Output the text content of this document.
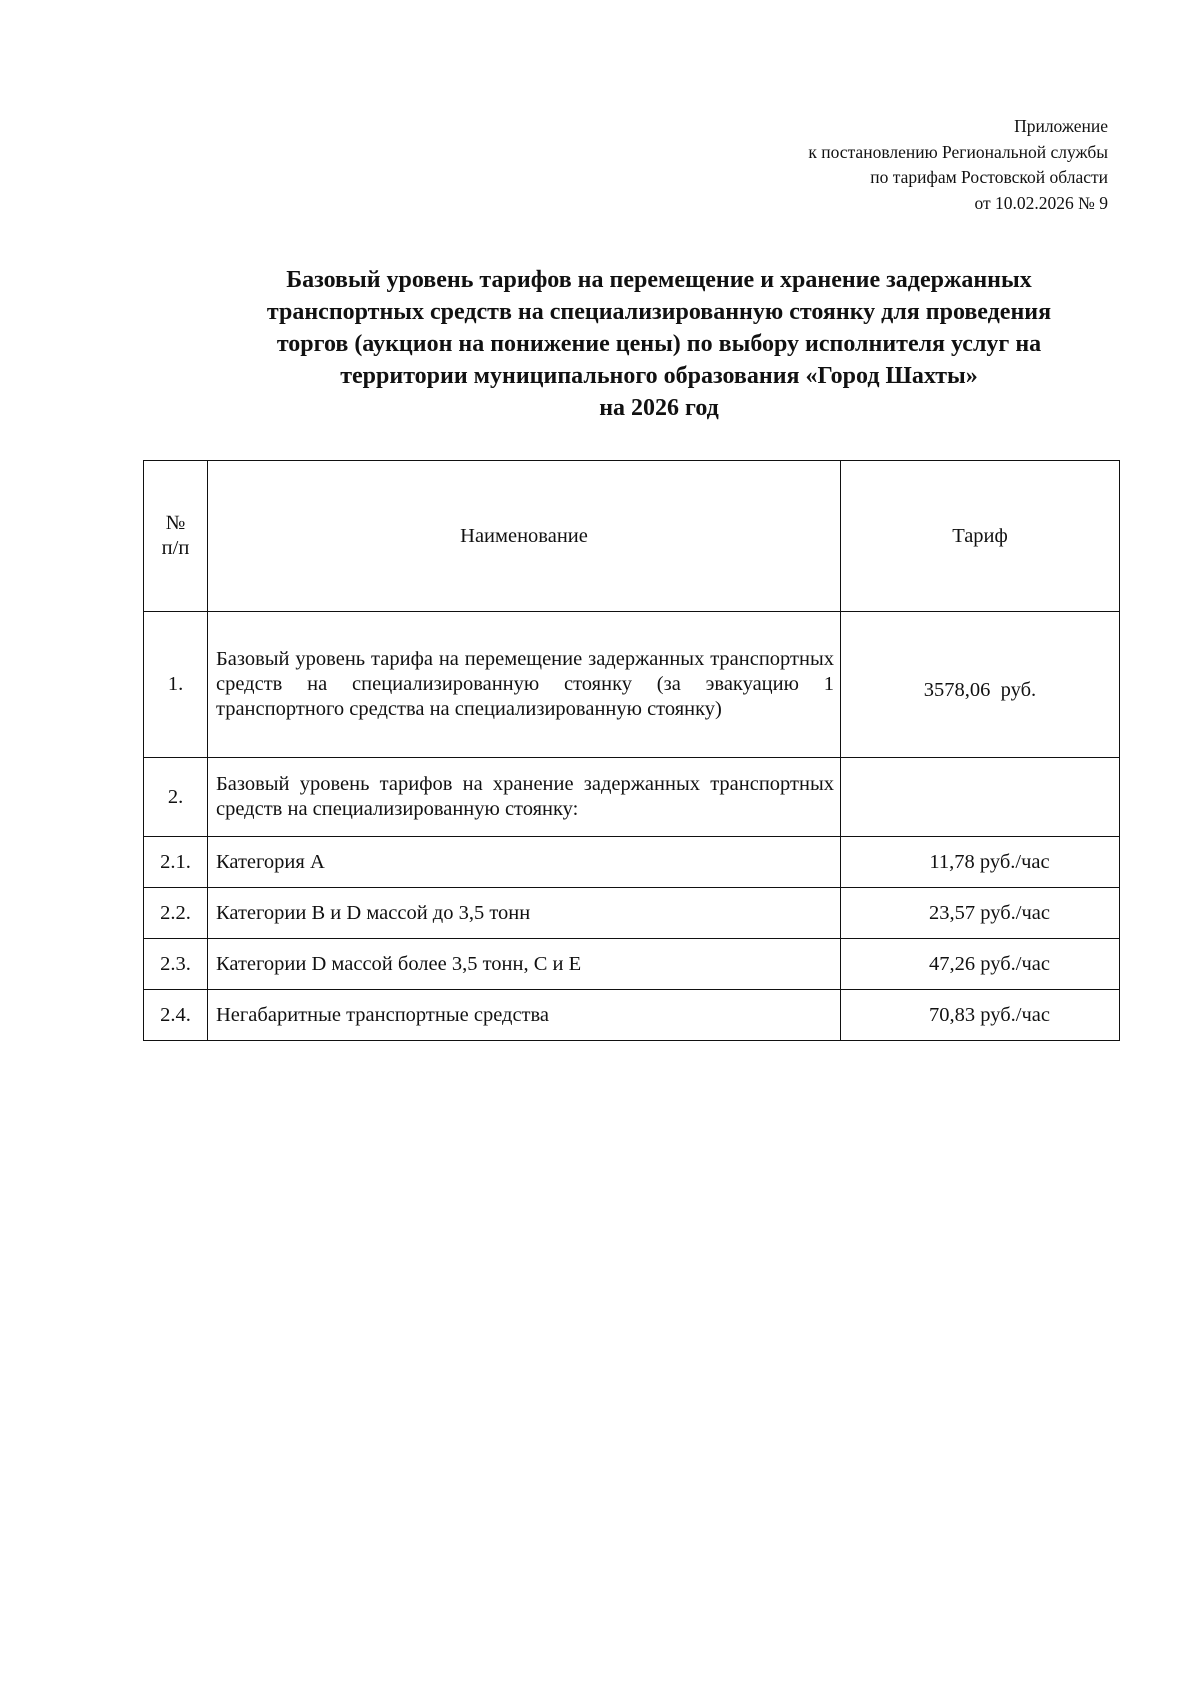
Приложение
к постановлению Региональной службы
по тарифам Ростовской области
от 10.02.2026 № 9
Базовый уровень тарифов на перемещение и хранение задержанных
транспортных средств на специализированную стоянку для проведения
торгов (аукцион на понижение цены) по выбору исполнителя услуг на
территории муниципального образования «Город Шахты»
на 2026 год
№
п/п	Наименование	Тариф
1.	Базовый уровень тарифа на перемещение задержанных транспортных средств на специализированную стоянку (за эвакуацию 1 транспортного средства на специализированную стоянку)	3578,06  руб.
2.	Базовый уровень тарифов на хранение задержанных транспортных средств на специализированную стоянку:	
2.1.	Категория А	11,78 руб./час
2.2.	Категории В и D массой до 3,5 тонн	23,57 руб./час
2.3.	Категории D массой более 3,5 тонн, С и Е	47,26 руб./час
2.4.	Негабаритные транспортные средства	70,83 руб./час
